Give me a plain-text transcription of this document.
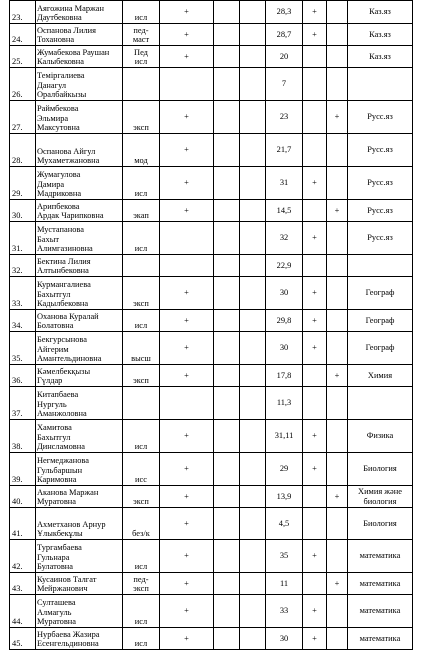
23.	Аягожина Маржан
Даутбековна	исл	+			28,3	+		Каз.яз
24.	Оспанова Лилия
Тохановна	пед-
маст	+			28,7	+		Каз.яз
25.	Жумабекова Раушан
Калыбековна	Пед
исл	+			20			Каз.яз
26.	Темiргалиева
Данагул
Оралбайкызы					7			
27.	Раймбекова
Эльмира
Максутовна	эксп	+			23		+	Русс.яз
28.	Оспанова Айгул
Мухаметжановна	мод	+			21,7			Русс.яз
29.	Жумагулова
Дамира
Мадриковна	исл	+			31	+		Русс.яз
30.	Арипбекова
Ардак Чарипковна	экап	+			14,5		+	Русс.яз
31.	Мустапанова
Бахыт
Алимгазиновна	исл				32	+		Русс.яз
32.	Бектина Лилия
Алтынбековна					22,9			
33.	Курмангалиева
Бахытгул
Кадылбековна	эксп	+			30	+		Географ
34.	Оханова Куралай
Болатовна	исл	+			29,8	+		Географ
35.	Бекгурсынова
Айгерим
Амантельдиновна	высш	+			30	+		Географ
36.	Кәмелбекқызы
Гүлдар	эксп	+			17,8		+	Химия
37.	Китапбаева
Нургуль
Аманжоловна					11,3			
38.	Хамитова
Бахытгул
Динсламовна	исл	+			31,11	+		Физика
39.	Негмеджанова
Гульбаршын
Каримовна	исс	+			29	+		Биология
40.	Аканова Маржан
Муратовна	эксп	+			13,9		+	Химия және
биология
41.	Ахметханов Арнур
Ұлыкбекұлы	без/к	+			4,5			Биология
42.	Тургамбаева
Гульнара
Булатовна	исл	+			35	+		математика
43.	Кусаинов Талгат
Мейржанович	пед-
эксп	+			11		+	математика
44.	Султашева
Алмагуль
Муратовна	исл	+			33	+		математика
45.	Нурбаева Жазира
Есенгельдиновна	исл	+			30	+		математика
